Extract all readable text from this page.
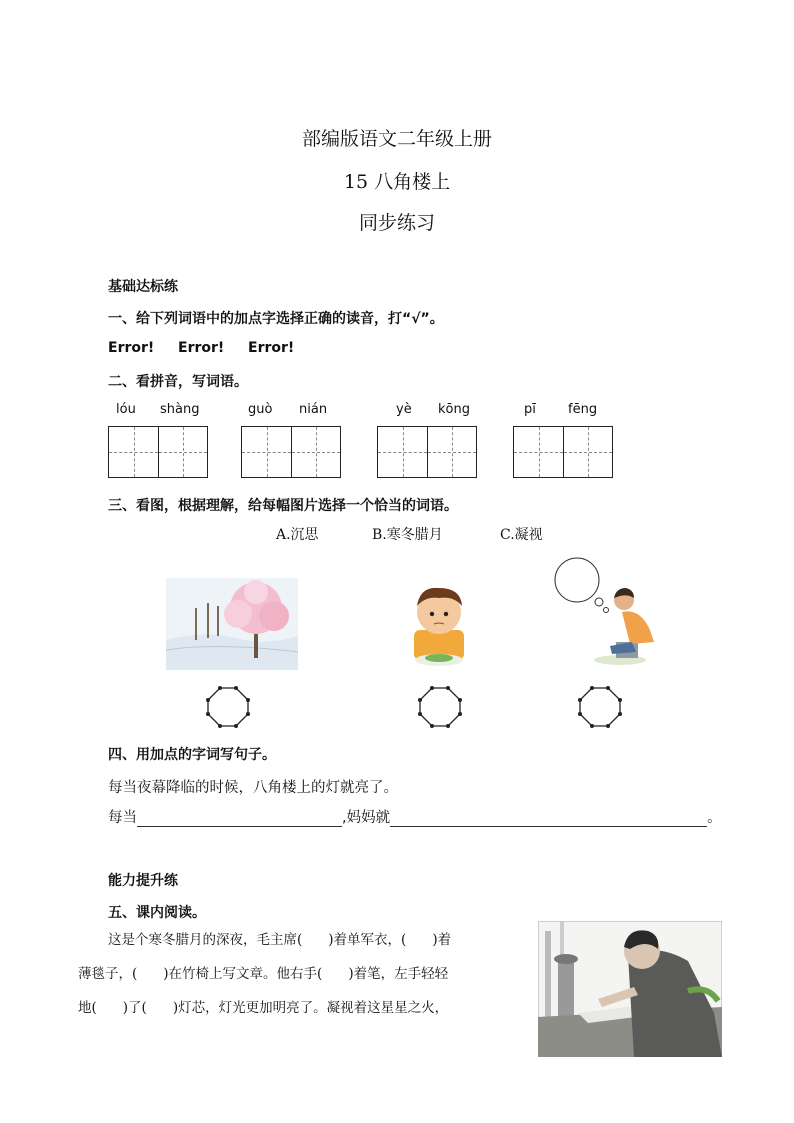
部编版语文二年级上册
15 八角楼上
同步练习
基础达标练
一、给下列词语中的加点字选择正确的读音，打“√”。
Error! Error! Error!
二、看拼音，写词语。
lóu shàng	guò nián	yè kōng	pī fēng
三、看图，根据理解，给每幅图片选择一个恰当的词语。
A.沉思	B.寒冬腊月	C.凝视
四、用加点的字词写句子。
每当夜幕降临的时候，八角楼上的灯就亮了。
每当	,妈妈就	。
能力提升练
五、课内阅读。
这是个寒冬腊月的深夜，毛主席( )着单军衣，( )着
薄毯子，( )在竹椅上写文章。他右手( )着笔，左手轻轻
地( )了( )灯芯，灯光更加明亮了。凝视着这星星之火，
